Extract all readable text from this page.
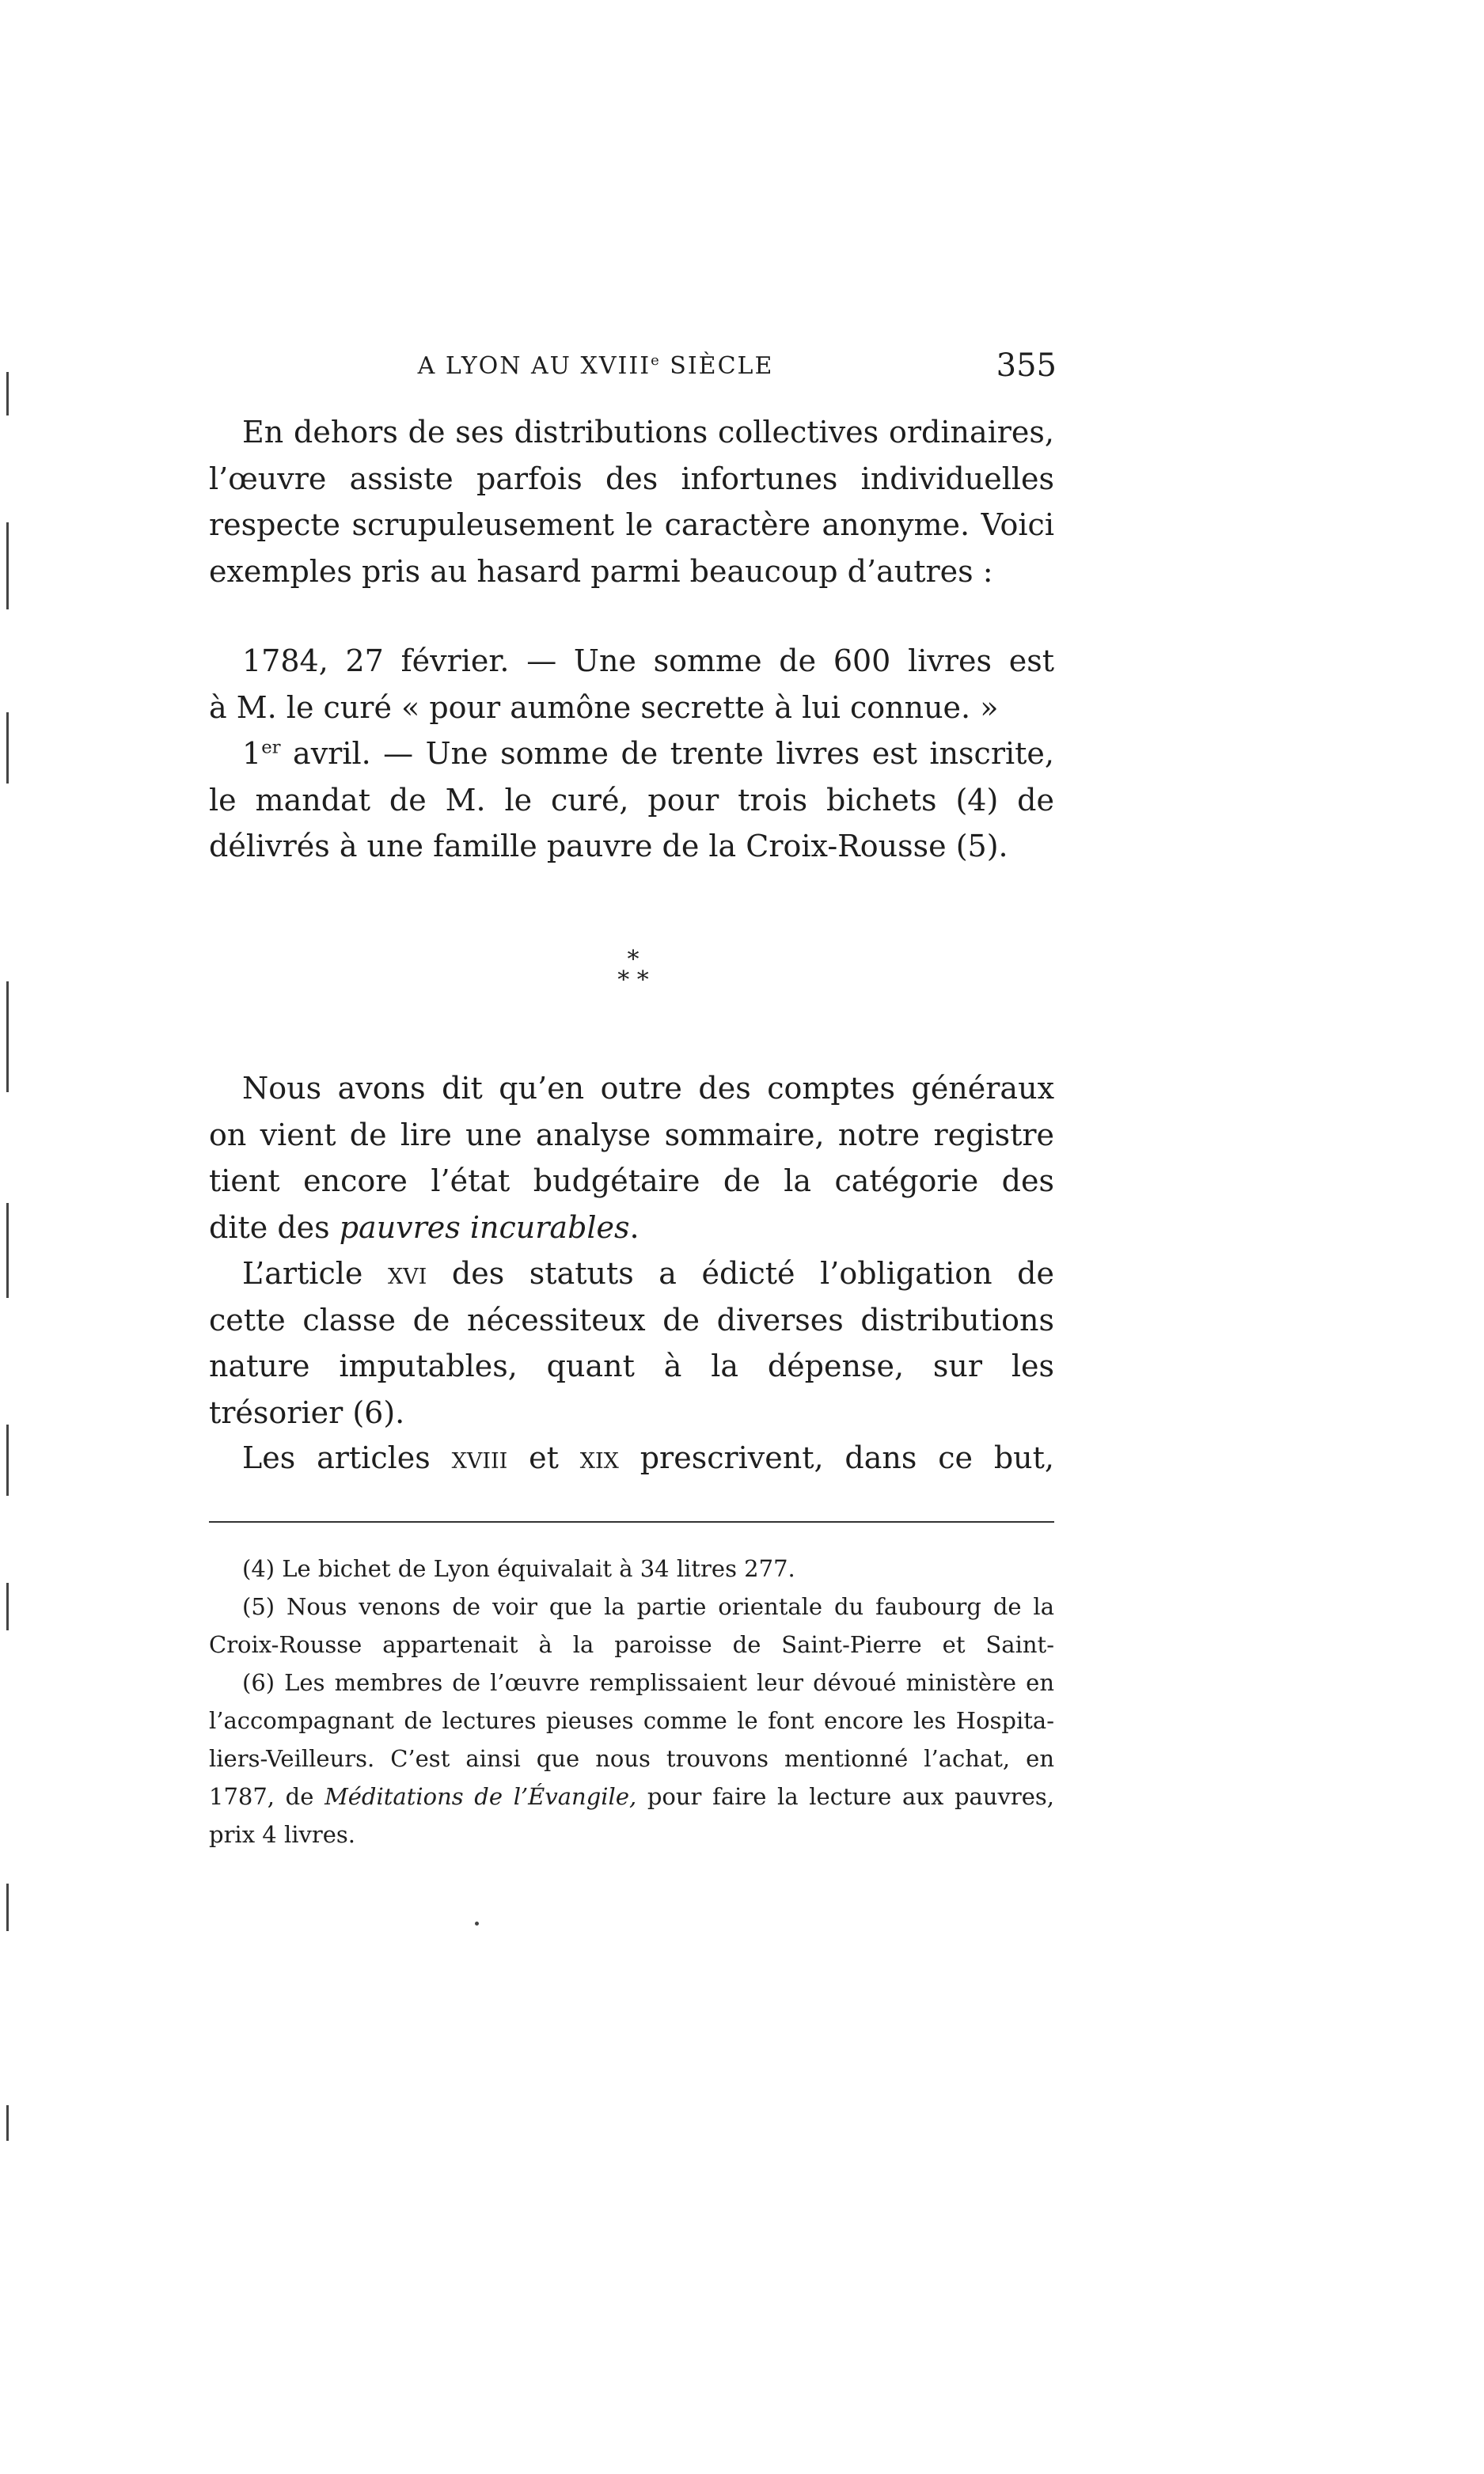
A LYON AU XVIIIe SIÈCLE	355
En dehors de ses distributions collectives ordinaires,
l’œuvre assiste parfois des infortunes individuelles
respecte scrupuleusement le caractère anonyme. Voici
exemples pris au hasard parmi beaucoup d’autres :
1784, 27 février. — Une somme de 600 livres est
à M. le curé « pour aumône secrette à lui connue. »
1er avril. — Une somme de trente livres est inscrite,
le mandat de M. le curé, pour trois bichets (4) de
délivrés à une famille pauvre de la Croix-Rousse (5).
*
* *
Nous avons dit qu’en outre des comptes généraux
on vient de lire une analyse sommaire, notre registre
tient encore l’état budgétaire de la catégorie des
dite des pauvres incurables.
L’article xvi des statuts a édicté l’obligation de
cette classe de nécessiteux de diverses distributions
nature imputables, quant à la dépense, sur les
trésorier (6).
Les articles xviii et xix prescrivent, dans ce but,
(4) Le bichet de Lyon équivalait à 34 litres 277.
(5) Nous venons de voir que la partie orientale du faubourg de la
Croix-Rousse appartenait à la paroisse de Saint-Pierre et Saint-
(6) Les membres de l’œuvre remplissaient leur dévoué ministère en
l’accompagnant de lectures pieuses comme le font encore les Hospita-
liers-Veilleurs. C’est ainsi que nous trouvons mentionné l’achat, en
1787, de Méditations de l’Évangile, pour faire la lecture aux pauvres,
prix 4 livres.
